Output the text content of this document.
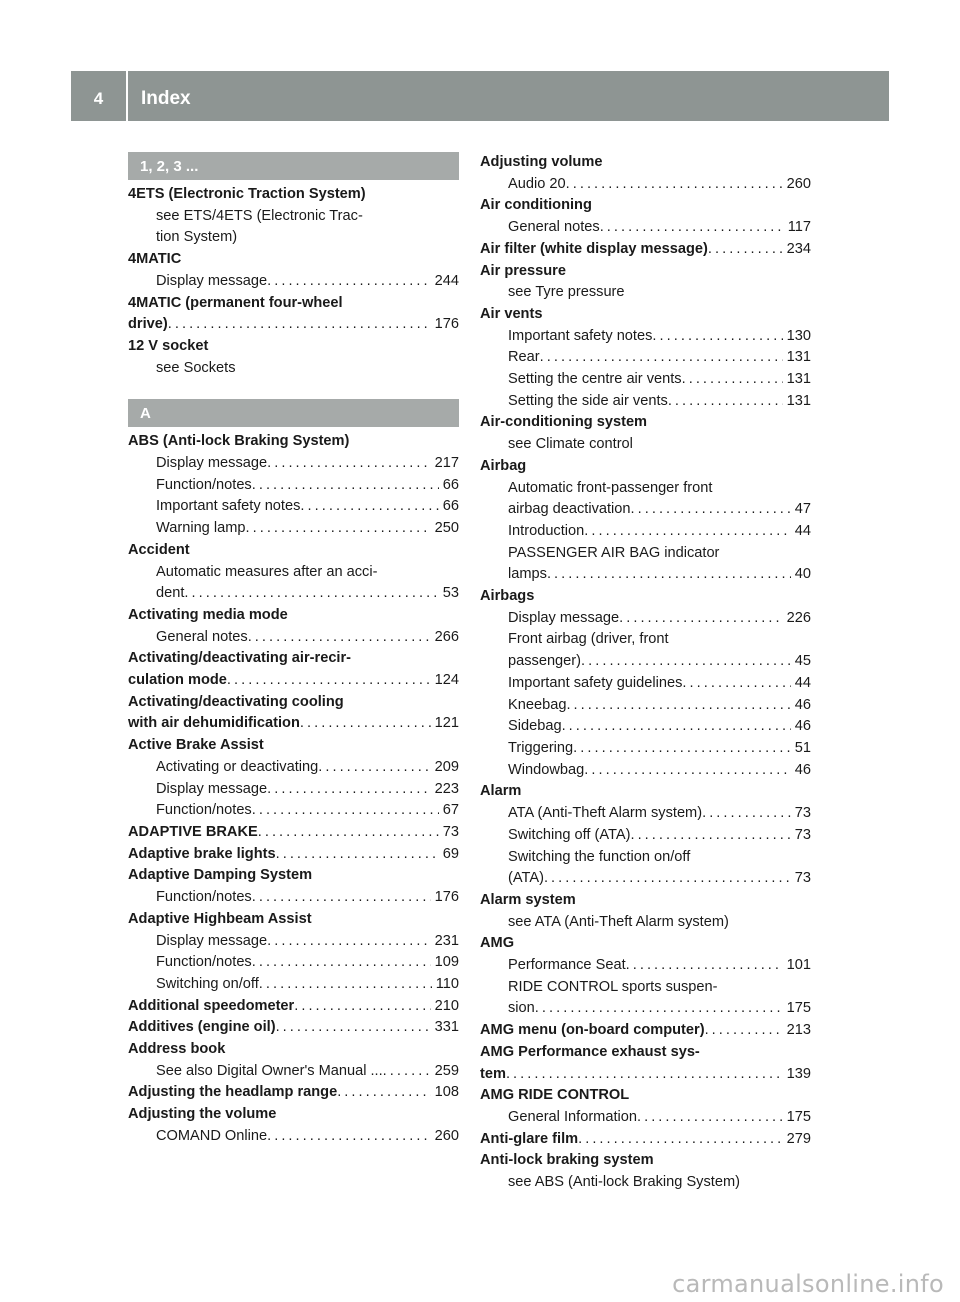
4	Index
1, 2, 3 ...
4ETS (Electronic Traction System)
see ETS/4ETS (Electronic Trac-
tion System)
4MATIC
Display message . . .	244
4MATIC (permanent four-wheel
drive) . . .	176
12 V socket
see Sockets
A
ABS (Anti-lock Braking System)
Display message . . .	217
Function/notes . . .	66
Important safety notes . . .	66
Warning lamp . . .	250
Accident
Automatic measures after an acci-
dent . . .	53
Activating media mode
General notes . . .	266
Activating/deactivating air-recir-
culation mode . . .	124
Activating/deactivating cooling
with air dehumidification . . .	121
Active Brake Assist
Activating or deactivating . . .	209
Display message . . .	223
Function/notes . . .	67
ADAPTIVE BRAKE . . .	73
Adaptive brake lights . . .	69
Adaptive Damping System
Function/notes . . .	176
Adaptive Highbeam Assist
Display message . . .	231
Function/notes . . .	109
Switching on/off . . .	110
Additional speedometer . . .	210
Additives (engine oil) . . .	331
Address book
See also Digital Owner's Manual ... . . .	259
Adjusting the headlamp range . . .	108
Adjusting the volume
COMAND Online . . .	260
Adjusting volume
Audio 20 . . .	260
Air conditioning
General notes . . .	117
Air filter (white display message) . . .	234
Air pressure
see Tyre pressure
Air vents
Important safety notes . . .	130
Rear . . .	131
Setting the centre air vents . . .	131
Setting the side air vents . . .	131
Air-conditioning system
see Climate control
Airbag
Automatic front-passenger front
airbag deactivation . . .	47
Introduction . . .	44
PASSENGER AIR BAG indicator
lamps . . .	40
Airbags
Display message . . .	226
Front airbag (driver, front
passenger) . . .	45
Important safety guidelines . . .	44
Kneebag . . .	46
Sidebag . . .	46
Triggering . . .	51
Windowbag . . .	46
Alarm
ATA (Anti-Theft Alarm system) . . .	73
Switching off (ATA) . . .	73
Switching the function on/off
(ATA) . . .	73
Alarm system
see ATA (Anti-Theft Alarm system)
AMG
Performance Seat . . .	101
RIDE CONTROL sports suspen-
sion . . .	175
AMG menu (on-board computer) . . .	213
AMG Performance exhaust sys-
tem . . .	139
AMG RIDE CONTROL
General Information . . .	175
Anti-glare film . . .	279
Anti-lock braking system
see ABS (Anti-lock Braking System)
carmanualsonline.info
